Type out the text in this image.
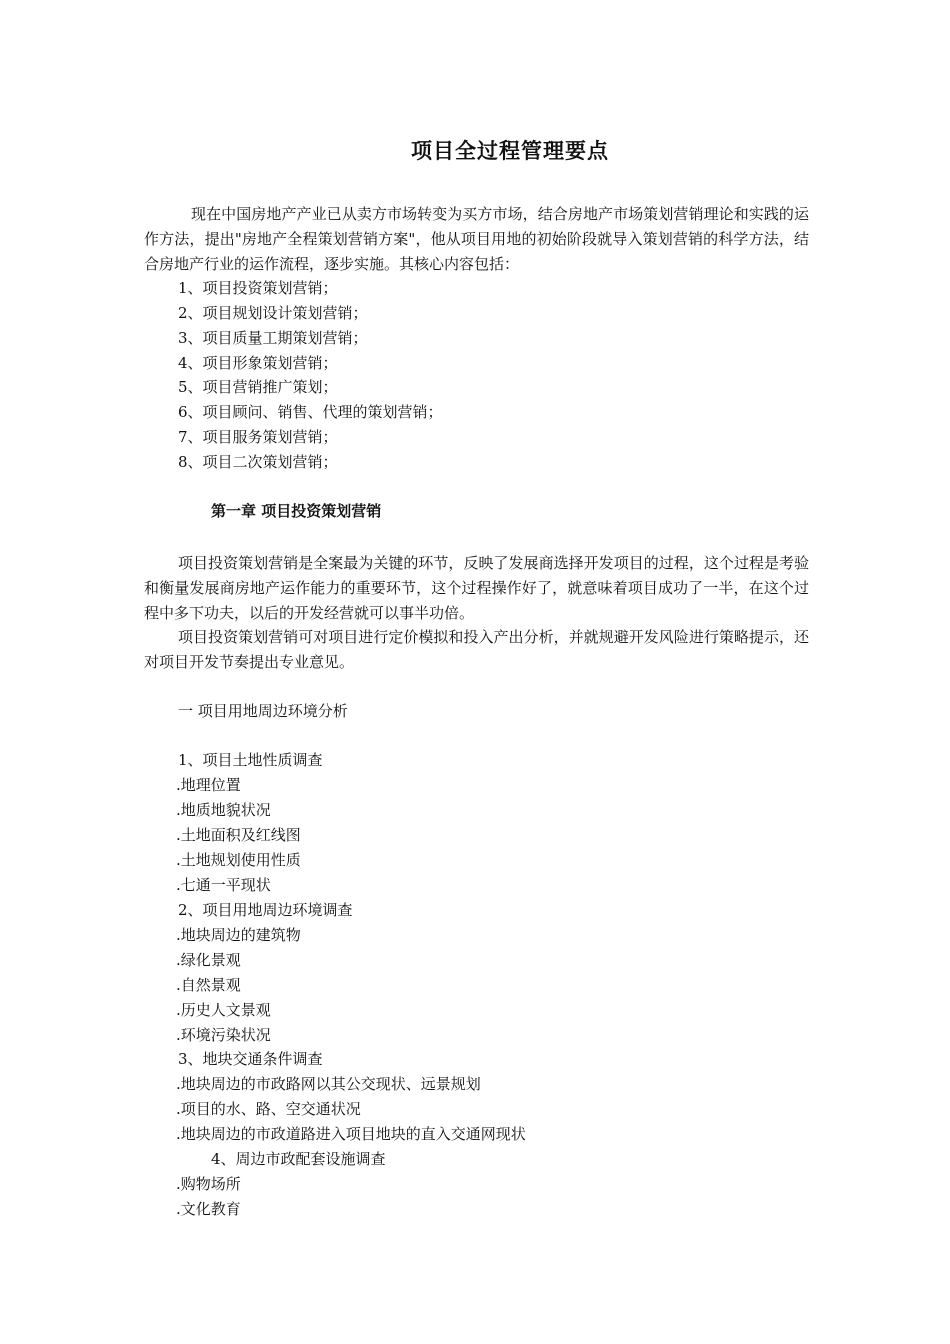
项目全过程管理要点

现在中国房地产产业已从卖方市场转变为买方市场，结合房地产市场策划营销理论和实践的运作方法，提出"房地产全程策划营销方案"，他从项目用地的初始阶段就导入策划营销的科学方法，结合房地产行业的运作流程，逐步实施。其核心内容包括：

1、项目投资策划营销；
2、项目规划设计策划营销；
3、项目质量工期策划营销；
4、项目形象策划营销；
5、项目营销推广策划；
6、项目顾问、销售、代理的策划营销；
7、项目服务策划营销；
8、项目二次策划营销；
第一章 项目投资策划营销

项目投资策划营销是全案最为关键的环节，反映了发展商选择开发项目的过程，这个过程是考验和衡量发展商房地产运作能力的重要环节，这个过程操作好了，就意味着项目成功了一半，在这个过程中多下功夫，以后的开发经营就可以事半功倍。

项目投资策划营销可对项目进行定价模拟和投入产出分析，并就规避开发风险进行策略提示，还对项目开发节奏提出专业意见。

一 项目用地周边环境分析
1、项目土地性质调查
.地理位置
.地质地貌状况
.土地面积及红线图
.土地规划使用性质
.七通一平现状
2、项目用地周边环境调查
.地块周边的建筑物
.绿化景观
.自然景观
.历史人文景观
.环境污染状况
3、地块交通条件调查
.地块周边的市政路网以其公交现状、远景规划
.项目的水、路、空交通状况
.地块周边的市政道路进入项目地块的直入交通网现状
4、周边市政配套设施调查
.购物场所
.文化教育
